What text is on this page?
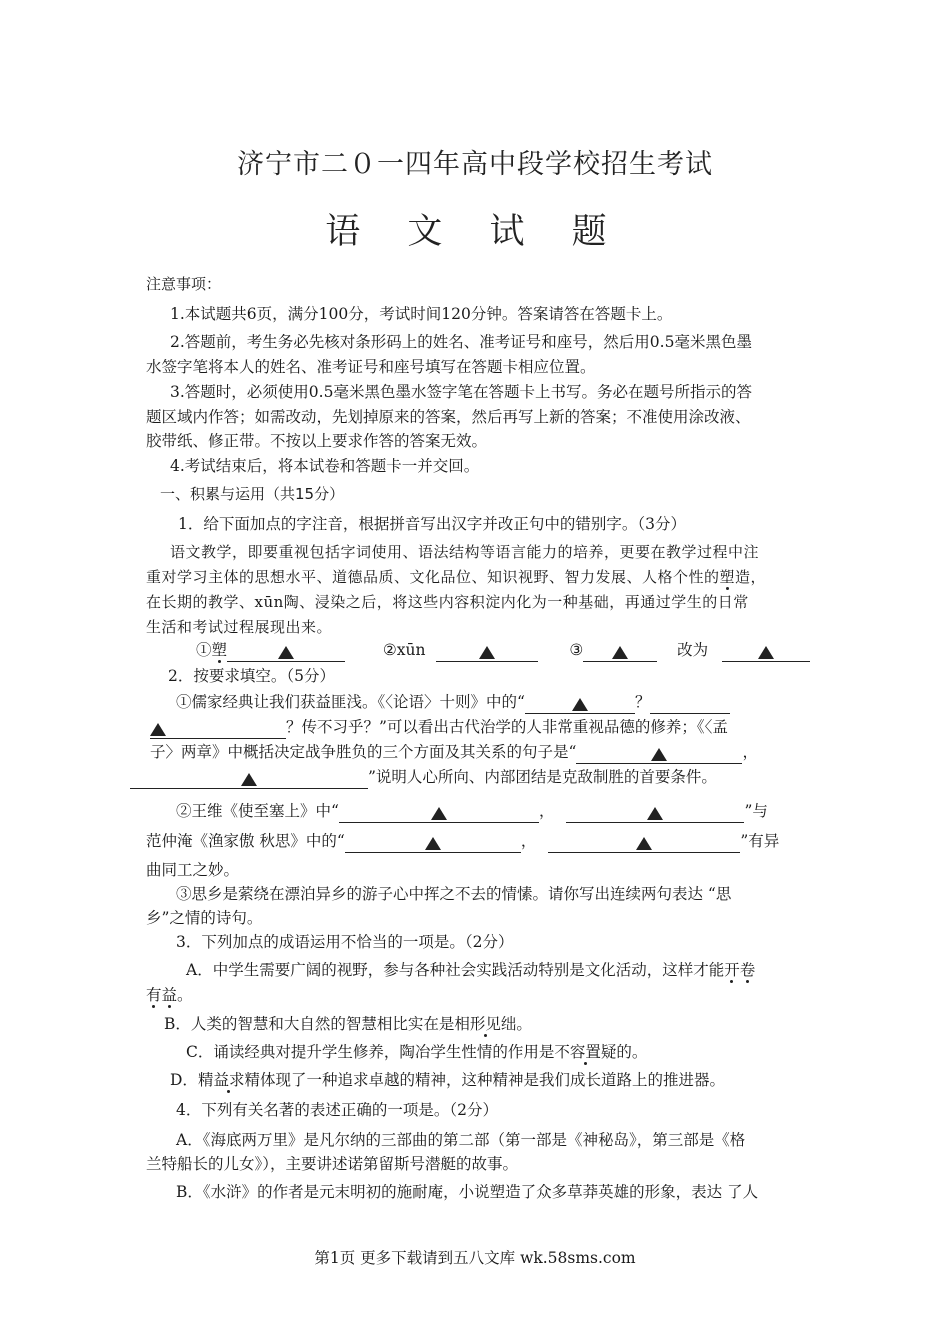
济宁市二０一四年高中段学校招生考试
语 文 试 题
注意事项：
1.本试题共6页，满分100分，考试时间120分钟。答案请答在答题卡上。
2.答题前，考生务必先核对条形码上的姓名、准考证号和座号，然后用0.5毫米黑色墨
水签字笔将本人的姓名、准考证号和座号填写在答题卡相应位置。
3.答题时，必须使用0.5毫米黑色墨水签字笔在答题卡上书写。务必在题号所指示的答
题区域内作答；如需改动，先划掉原来的答案，然后再写上新的答案；不准使用涂改液、
胶带纸、修正带。不按以上要求作答的答案无效。
4.考试结束后，将本试卷和答题卡一并交回。
一、积累与运用（共15分）
1．给下面加点的字注音，根据拼音写出汉字并改正句中的错别字。（3分）
语文教学，即要重视包括字词使用、语法结构等语言能力的培养，更要在教学过程中注
重对学习主体的思想水平、道德品质、文化品位、知识视野、智力发展、人格个性的塑造，
在长期的教学、xūn陶、浸染之后，将这些内容积淀内化为一种基础，再通过学生的日常
生活和考试过程展现出来。
①塑	②xūn	③	改为
2．按要求填空。（5分）
①儒家经典让我们获益匪浅。《〈论语〉十则》中的“	？
？传不习乎？”可以看出古代治学的人非常重视品德的修养；《〈孟
子〉两章》中概括决定战争胜负的三个方面及其关系的句子是“	，
”说明人心所向、内部团结是克敌制胜的首要条件。
②王维《使至塞上》中“	，	”与
范仲淹《渔家傲 秋思》中的“	，	”有异
曲同工之妙。
③思乡是萦绕在漂泊异乡的游子心中挥之不去的情愫。请你写出连续两句表达 “思
乡”之情的诗句。
3．下列加点的成语运用不恰当的一项是。（2分）
A．中学生需要广阔的视野，参与各种社会实践活动特别是文化活动，这样才能开卷
有益。
B．人类的智慧和大自然的智慧相比实在是相形见绌。
C．诵读经典对提升学生修养，陶冶学生性情的作用是不容置疑的。
D．精益求精体现了一种追求卓越的精神，这种精神是我们成长道路上的推进器。
4．下列有关名著的表述正确的一项是。（2分）
A．《海底两万里》是凡尔纳的三部曲的第二部（第一部是《神秘岛》，第三部是《格
兰特船长的儿女》），主要讲述诺第留斯号潜艇的故事。
B．《水浒》的作者是元末明初的施耐庵，小说塑造了众多草莽英雄的形象，表达 了人
第1页 更多下载请到五八文库 wk.58sms.com
